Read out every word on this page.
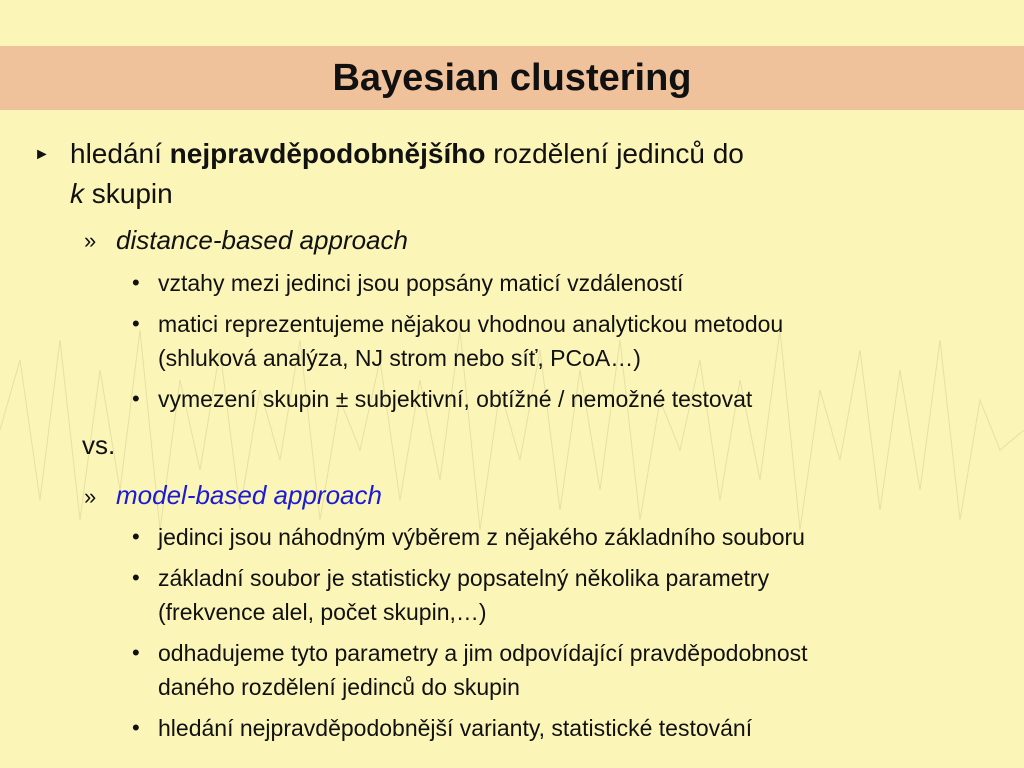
Bayesian clustering
► hledání nejpravděpodobnějšího rozdělení jedinců do
k skupin
» distance-based approach
• vztahy mezi jedinci jsou popsány maticí vzdáleností
• matici reprezentujeme nějakou vhodnou analytickou metodou
(shluková analýza, NJ strom nebo síť, PCoA…)
• vymezení skupin ± subjektivní, obtížné / nemožné testovat
vs.
» model-based approach
• jedinci jsou náhodným výběrem z nějakého základního souboru
• základní soubor je statisticky popsatelný několika parametry
(frekvence alel, počet skupin,…)
• odhadujeme tyto parametry a jim odpovídající pravděpodobnost
daného rozdělení jedinců do skupin
• hledání nejpravděpodobnější varianty, statistické testování
